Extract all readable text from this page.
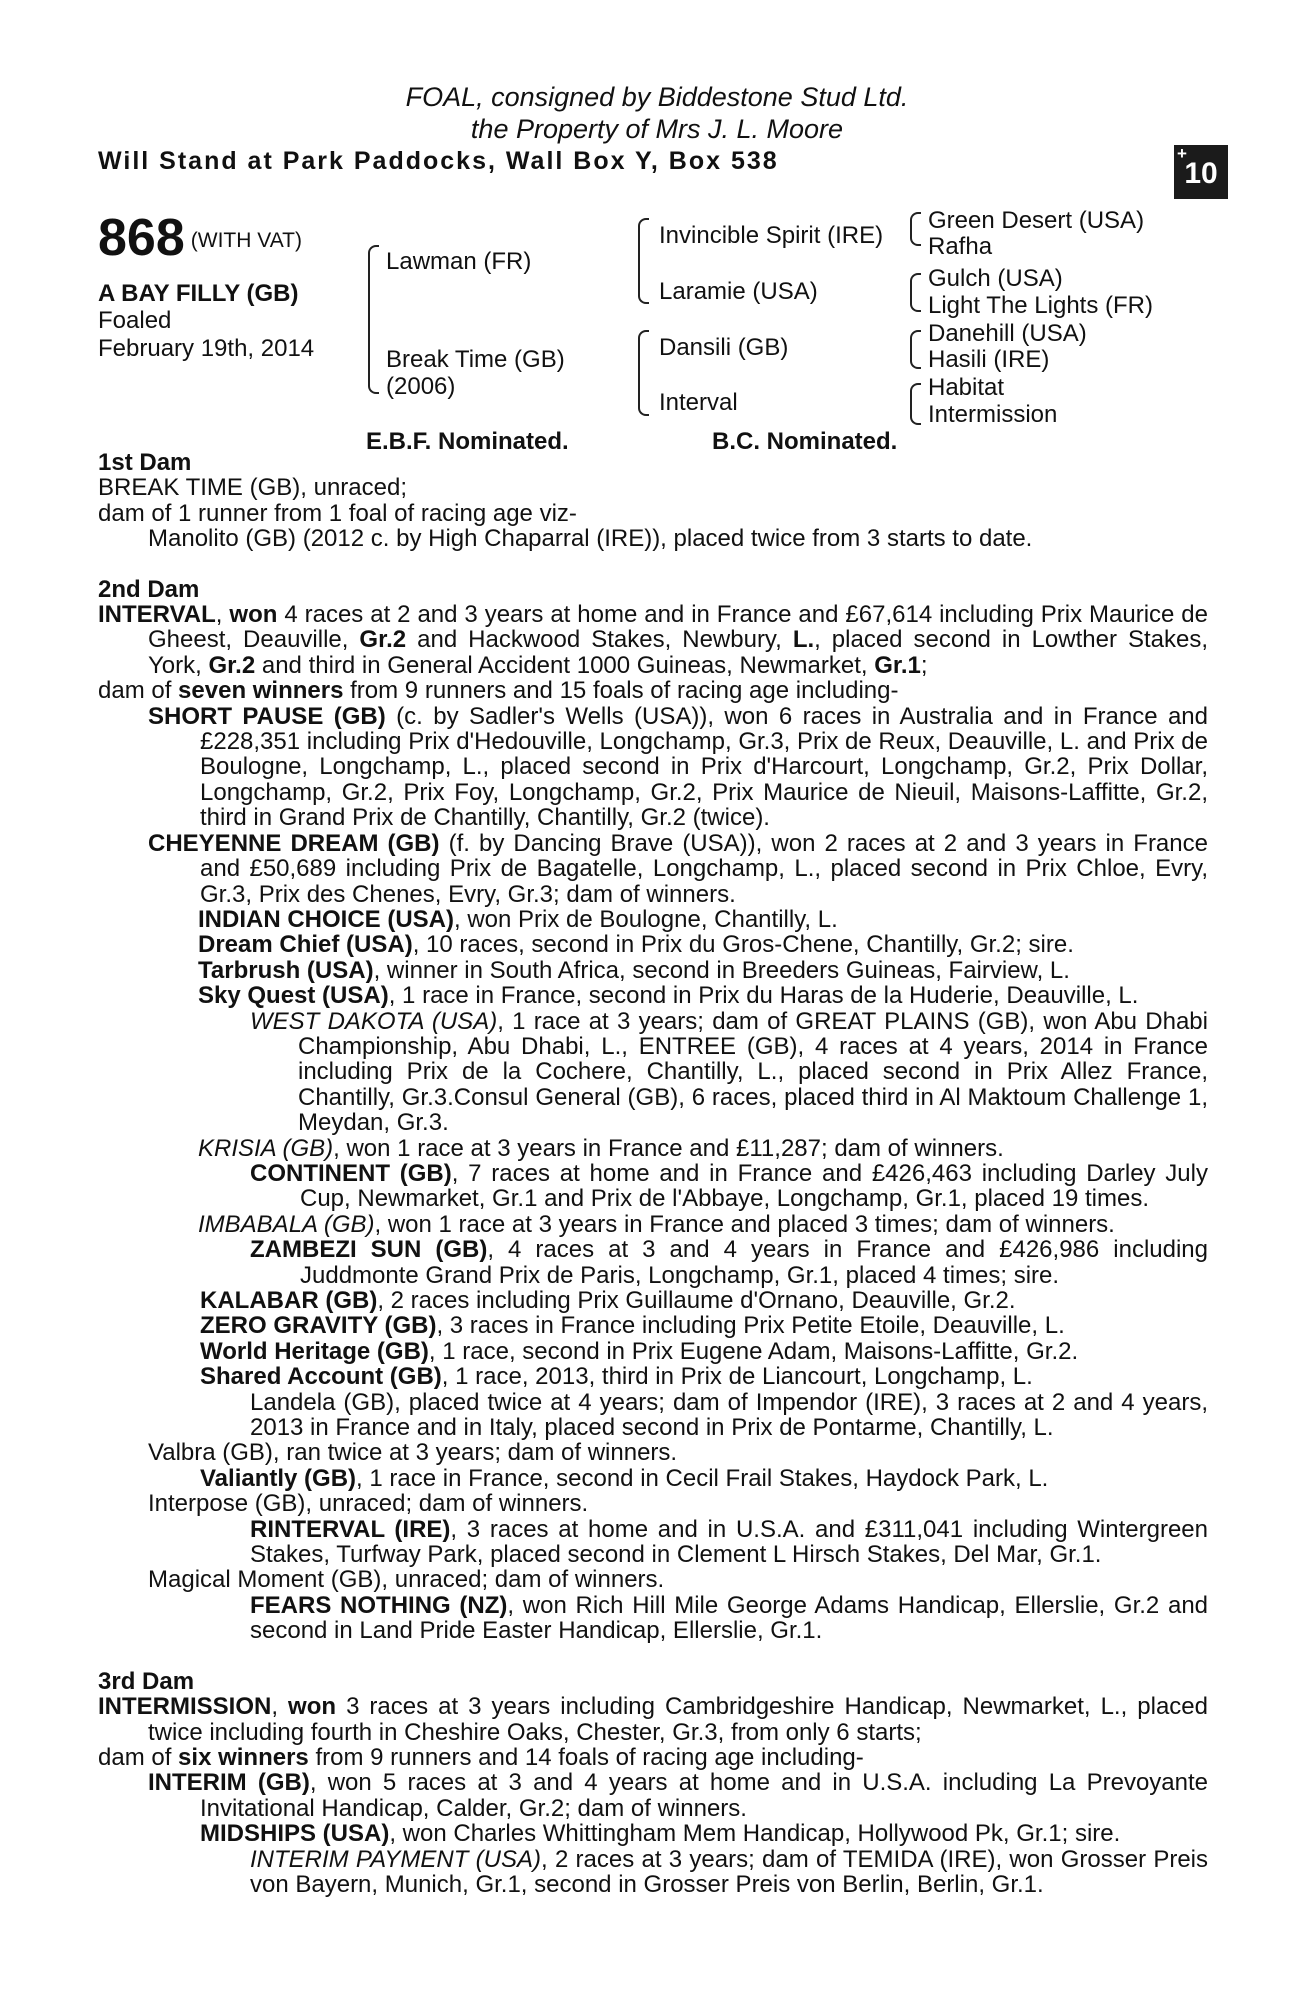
FOAL, consigned by Biddestone Stud Ltd.
the Property of Mrs J. L. Moore
Will Stand at Park Paddocks, Wall Box Y, Box 538	+
10
868 (WITH VAT)
A BAY FILLY (GB)
Foaled
February 19th, 2014
Lawman (FR)
Break Time (GB)
(2006)
Invincible Spirit (IRE)
Laramie (USA)
Dansili (GB)
Interval
Green Desert (USA)
Rafha
Gulch (USA)
Light The Lights (FR)
Danehill (USA)
Hasili (IRE)
Habitat
Intermission
E.B.F. Nominated.	B.C. Nominated.

1st Dam

BREAK TIME (GB), unraced;

dam of 1 runner from 1 foal of racing age viz-

Manolito (GB) (2012 c. by High Chaparral (IRE)), placed twice from 3 starts to date.

2nd Dam

INTERVAL, won 4 races at 2 and 3 years at home and in France and £67,614 including Prix Maurice de Gheest, Deauville, Gr.2 and Hackwood Stakes, Newbury, L., placed second in Lowther Stakes, York, Gr.2 and third in General Accident 1000 Guineas, Newmarket, Gr.1;

dam of seven winners from 9 runners and 15 foals of racing age including-

SHORT PAUSE (GB) (c. by Sadler's Wells (USA)), won 6 races in Australia and in France and £228,351 including Prix d'Hedouville, Longchamp, Gr.3, Prix de Reux, Deauville, L. and Prix de Boulogne, Longchamp, L., placed second in Prix d'Harcourt, Longchamp, Gr.2, Prix Dollar, Longchamp, Gr.2, Prix Foy, Longchamp, Gr.2, Prix Maurice de Nieuil, Maisons-Laffitte, Gr.2, third in Grand Prix de Chantilly, Chantilly, Gr.2 (twice).

CHEYENNE DREAM (GB) (f. by Dancing Brave (USA)), won 2 races at 2 and 3 years in France and £50,689 including Prix de Bagatelle, Longchamp, L., placed second in Prix Chloe, Evry, Gr.3, Prix des Chenes, Evry, Gr.3; dam of winners.

INDIAN CHOICE (USA), won Prix de Boulogne, Chantilly, L.

Dream Chief (USA), 10 races, second in Prix du Gros-Chene, Chantilly, Gr.2; sire.

Tarbrush (USA), winner in South Africa, second in Breeders Guineas, Fairview, L.

Sky Quest (USA), 1 race in France, second in Prix du Haras de la Huderie, Deauville, L.

WEST DAKOTA (USA), 1 race at 3 years; dam of GREAT PLAINS (GB), won Abu Dhabi Championship, Abu Dhabi, L., ENTREE (GB), 4 races at 4 years, 2014 in France including Prix de la Cochere, Chantilly, L., placed second in Prix Allez France, Chantilly, Gr.3.Consul General (GB), 6 races, placed third in Al Maktoum Challenge 1, Meydan, Gr.3.

KRISIA (GB), won 1 race at 3 years in France and £11,287; dam of winners.

CONTINENT (GB), 7 races at home and in France and £426,463 including Darley July Cup, Newmarket, Gr.1 and Prix de l'Abbaye, Longchamp, Gr.1, placed 19 times.

IMBABALA (GB), won 1 race at 3 years in France and placed 3 times; dam of winners.

ZAMBEZI SUN (GB), 4 races at 3 and 4 years in France and £426,986 including Juddmonte Grand Prix de Paris, Longchamp, Gr.1, placed 4 times; sire.

KALABAR (GB), 2 races including Prix Guillaume d'Ornano, Deauville, Gr.2.

ZERO GRAVITY (GB), 3 races in France including Prix Petite Etoile, Deauville, L.

World Heritage (GB), 1 race, second in Prix Eugene Adam, Maisons-Laffitte, Gr.2.

Shared Account (GB), 1 race, 2013, third in Prix de Liancourt, Longchamp, L.

Landela (GB), placed twice at 4 years; dam of Impendor (IRE), 3 races at 2 and 4 years, 2013 in France and in Italy, placed second in Prix de Pontarme, Chantilly, L.

Valbra (GB), ran twice at 3 years; dam of winners.

Valiantly (GB), 1 race in France, second in Cecil Frail Stakes, Haydock Park, L.

Interpose (GB), unraced; dam of winners.

RINTERVAL (IRE), 3 races at home and in U.S.A. and £311,041 including Wintergreen Stakes, Turfway Park, placed second in Clement L Hirsch Stakes, Del Mar, Gr.1.

Magical Moment (GB), unraced; dam of winners.

FEARS NOTHING (NZ), won Rich Hill Mile George Adams Handicap, Ellerslie, Gr.2 and second in Land Pride Easter Handicap, Ellerslie, Gr.1.

3rd Dam

INTERMISSION, won 3 races at 3 years including Cambridgeshire Handicap, Newmarket, L., placed twice including fourth in Cheshire Oaks, Chester, Gr.3, from only 6 starts;

dam of six winners from 9 runners and 14 foals of racing age including-

INTERIM (GB), won 5 races at 3 and 4 years at home and in U.S.A. including La Prevoyante Invitational Handicap, Calder, Gr.2; dam of winners.

MIDSHIPS (USA), won Charles Whittingham Mem Handicap, Hollywood Pk, Gr.1; sire.

INTERIM PAYMENT (USA), 2 races at 3 years; dam of TEMIDA (IRE), won Grosser Preis von Bayern, Munich, Gr.1, second in Grosser Preis von Berlin, Berlin, Gr.1.
